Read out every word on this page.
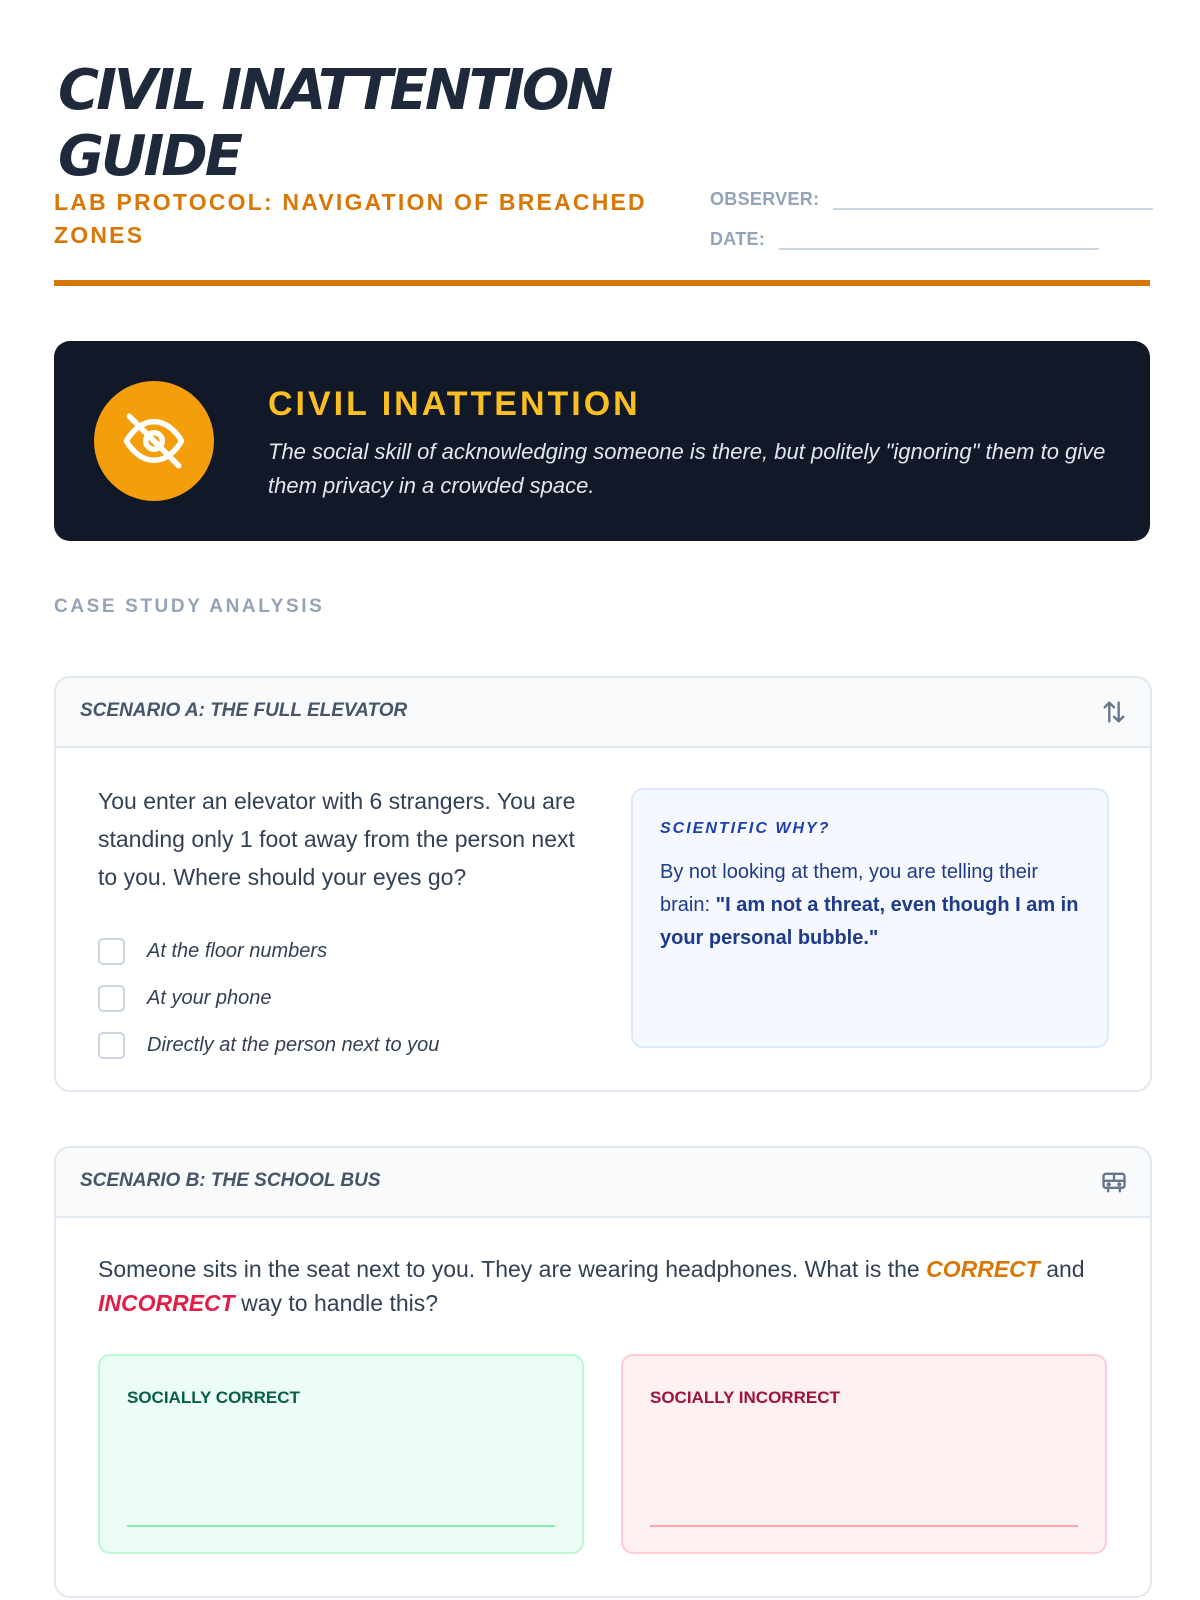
CIVIL INATTENTION GUIDE
LAB PROTOCOL: NAVIGATION OF BREACHED ZONES
OBSERVER:
DATE:
CIVIL INATTENTION
The social skill of acknowledging someone is there, but politely "ignoring" them to give them privacy in a crowded space.
CASE STUDY ANALYSIS
SCENARIO A: THE FULL ELEVATOR
You enter an elevator with 6 strangers. You are standing only 1 foot away from the person next to you. Where should your eyes go?
At the floor numbers
At your phone
Directly at the person next to you
SCIENTIFIC WHY?
By not looking at them, you are telling their brain: "I am not a threat, even though I am in your personal bubble."
SCENARIO B: THE SCHOOL BUS
Someone sits in the seat next to you. They are wearing headphones. What is the CORRECT and INCORRECT way to handle this?
SOCIALLY CORRECT	SOCIALLY INCORRECT
